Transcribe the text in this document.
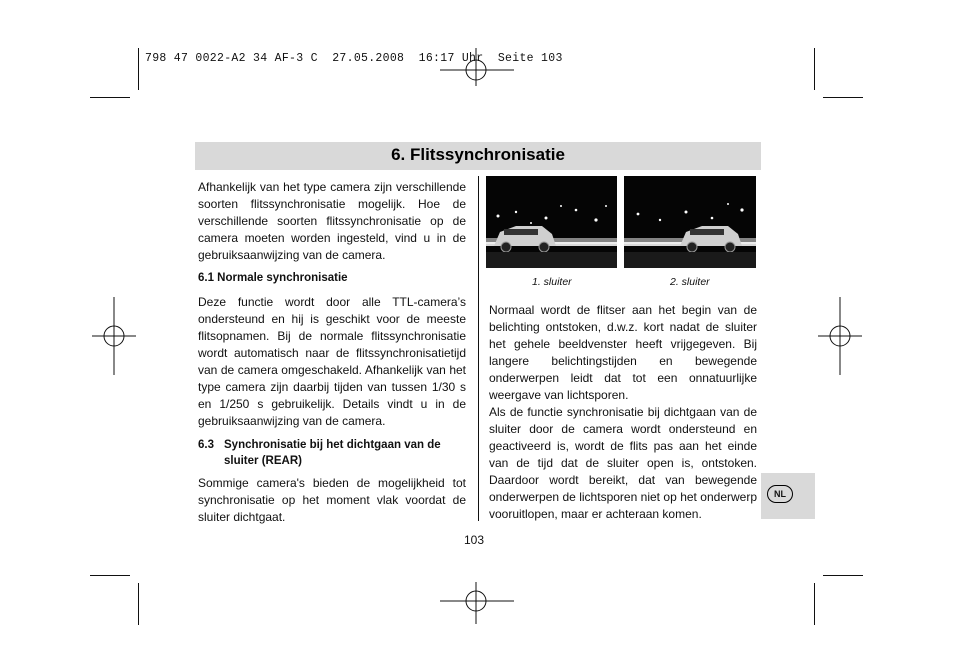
798 47 0022-A2 34 AF-3 C  27.05.2008  16:17 Uhr  Seite 103
6. Flitssynchronisatie

Afhankelijk van het type camera zijn verschillende soorten flitssynchronisatie mogelijk. Hoe de verschillende soorten flitssynchronisatie op de camera moeten worden ingesteld, vind u in de gebruiksaanwijzing van de camera.

6.1 Normale synchronisatie

Deze functie wordt door alle TTL-camera’s ondersteund en hij is geschikt voor de meeste flitsopnamen. Bij de normale flitssynchronisatie wordt automatisch naar de flitssynchronisatietijd van de camera omgeschakeld. Afhankelijk van het type camera zijn daarbij tijden van tussen 1/30 s en 1/250 s gebruikelijk. Details vindt u in de gebruiksaanwijzing van de camera.

6.3 Synchronisatie bij het dichtgaan van de
sluiter (REAR)

Sommige camera's bieden de mogelijkheid tot synchronisatie op het moment vlak voordat de sluiter dichtgaat.

1. sluiter	2. sluiter

Normaal wordt de flitser aan het begin van de belichting ontstoken, d.w.z. kort nadat de sluiter het gehele beeldvenster heeft vrijgegeven. Bij langere belichtingstijden en bewegende onderwerpen leidt dat tot een onnatuurlijke weergave van lichtsporen.

Als de functie synchronisatie bij dichtgaan van de sluiter door de camera wordt ondersteund en geactiveerd is, wordt de flits pas aan het einde van de tijd dat de sluiter open is, ontstoken. Daardoor wordt bereikt, dat van bewegende onderwerpen de lichtsporen niet op het onderwerp vooruitlopen, maar er achteraan komen.

NL
103
